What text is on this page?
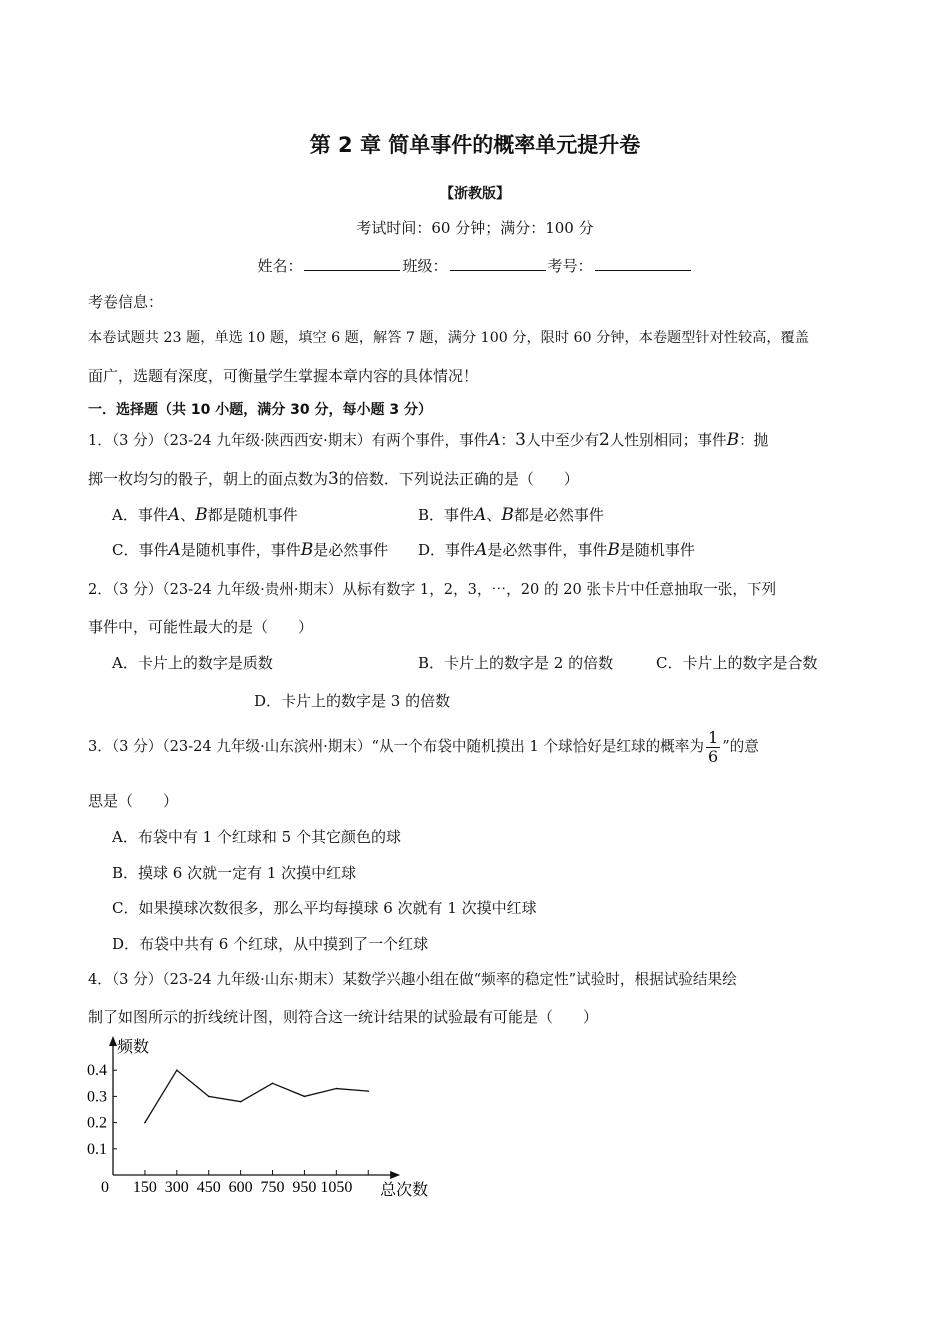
第 2 章 简单事件的概率单元提升卷
【浙教版】
考试时间：60 分钟；满分：100 分
姓名：	班级：	考号：
考卷信息：
本卷试题共 23 题，单选 10 题，填空 6 题，解答 7 题，满分 100 分，限时 60 分钟，本卷题型针对性较高，覆盖
面广，选题有深度，可衡量学生掌握本章内容的具体情况！
一．选择题（共 10 小题，满分 30 分，每小题 3 分）
1．（3 分）（23-24 九年级·陕西西安·期末）有两个事件，事件A：3人中至少有2人性别相同；事件B：抛
掷一枚均匀的骰子，朝上的面点数为3的倍数．下列说法正确的是（　　）
A．事件A、B都是随机事件	B．事件A、B都是必然事件
C．事件A是随机事件，事件B是必然事件 D．事件A是必然事件，事件B是随机事件
2．（3 分）（23-24 九年级·贵州·期末）从标有数字 1，2，3，⋯，20 的 20 张卡片中任意抽取一张，下列
事件中，可能性最大的是（　　）
A．卡片上的数字是质数	B．卡片上的数字是 2 的倍数	C．卡片上的数字是合数
D．卡片上的数字是 3 的倍数
3．（3 分）（23-24 九年级·山东滨州·期末）“从一个布袋中随机摸出 1 个球恰好是红球的概率为 $\frac{1}{6}$ ”的意
思是（　　）
A．布袋中有 1 个红球和 5 个其它颜色的球
B．摸球 6 次就一定有 1 次摸中红球
C．如果摸球次数很多，那么平均每摸球 6 次就有 1 次摸中红球
D．布袋中共有 6 个红球，从中摸到了一个红球
4．（3 分）（23-24 九年级·山东·期末）某数学兴趣小组在做“频率的稳定性”试验时，根据试验结果绘
制了如图所示的折线统计图，则符合这一统计结果的试验最有可能是（　　）
频数
总次数
0
0.1
0.2
0.3
0.4
150 300 450 600 750 950 1050
